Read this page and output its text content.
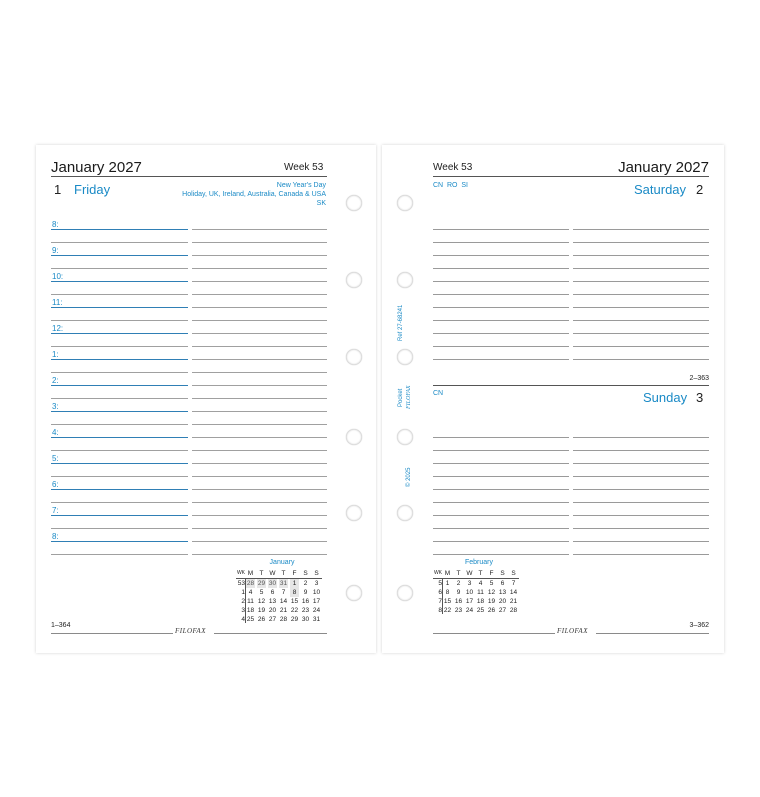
January 2027	Week 53
1 Friday	New Year's Day
Holiday, UK, Ireland, Australia, Canada & USA
SK
8:
9:
10:
11:
12:
1:
2:
3:
4:
5:
6:
7:
8:
January
WK M T W T	F	S	S
53 28 29 30 31 1	2	3
1 4	5	6	7	8	9 10
2 11 12 13 14 15 16 17
3 18 19 20 21 22 23 24
4 25 26 27 28 29 30 31
1–364
FILOFAX
Week 53	January 2027
CN  RO  SI	Saturday 2
2–363
CN	Sunday 3
February
WK M T W T	F	S	S
5 1	2	3	4	5	6	7
6 8	9 10 11 12 13 14
7 15 16 17 18 19 20 21
8 22 23 24 25 26 27 28
3–362
FILOFAX
Ref 27-68241
Pocket FILOFAX
© 2025
